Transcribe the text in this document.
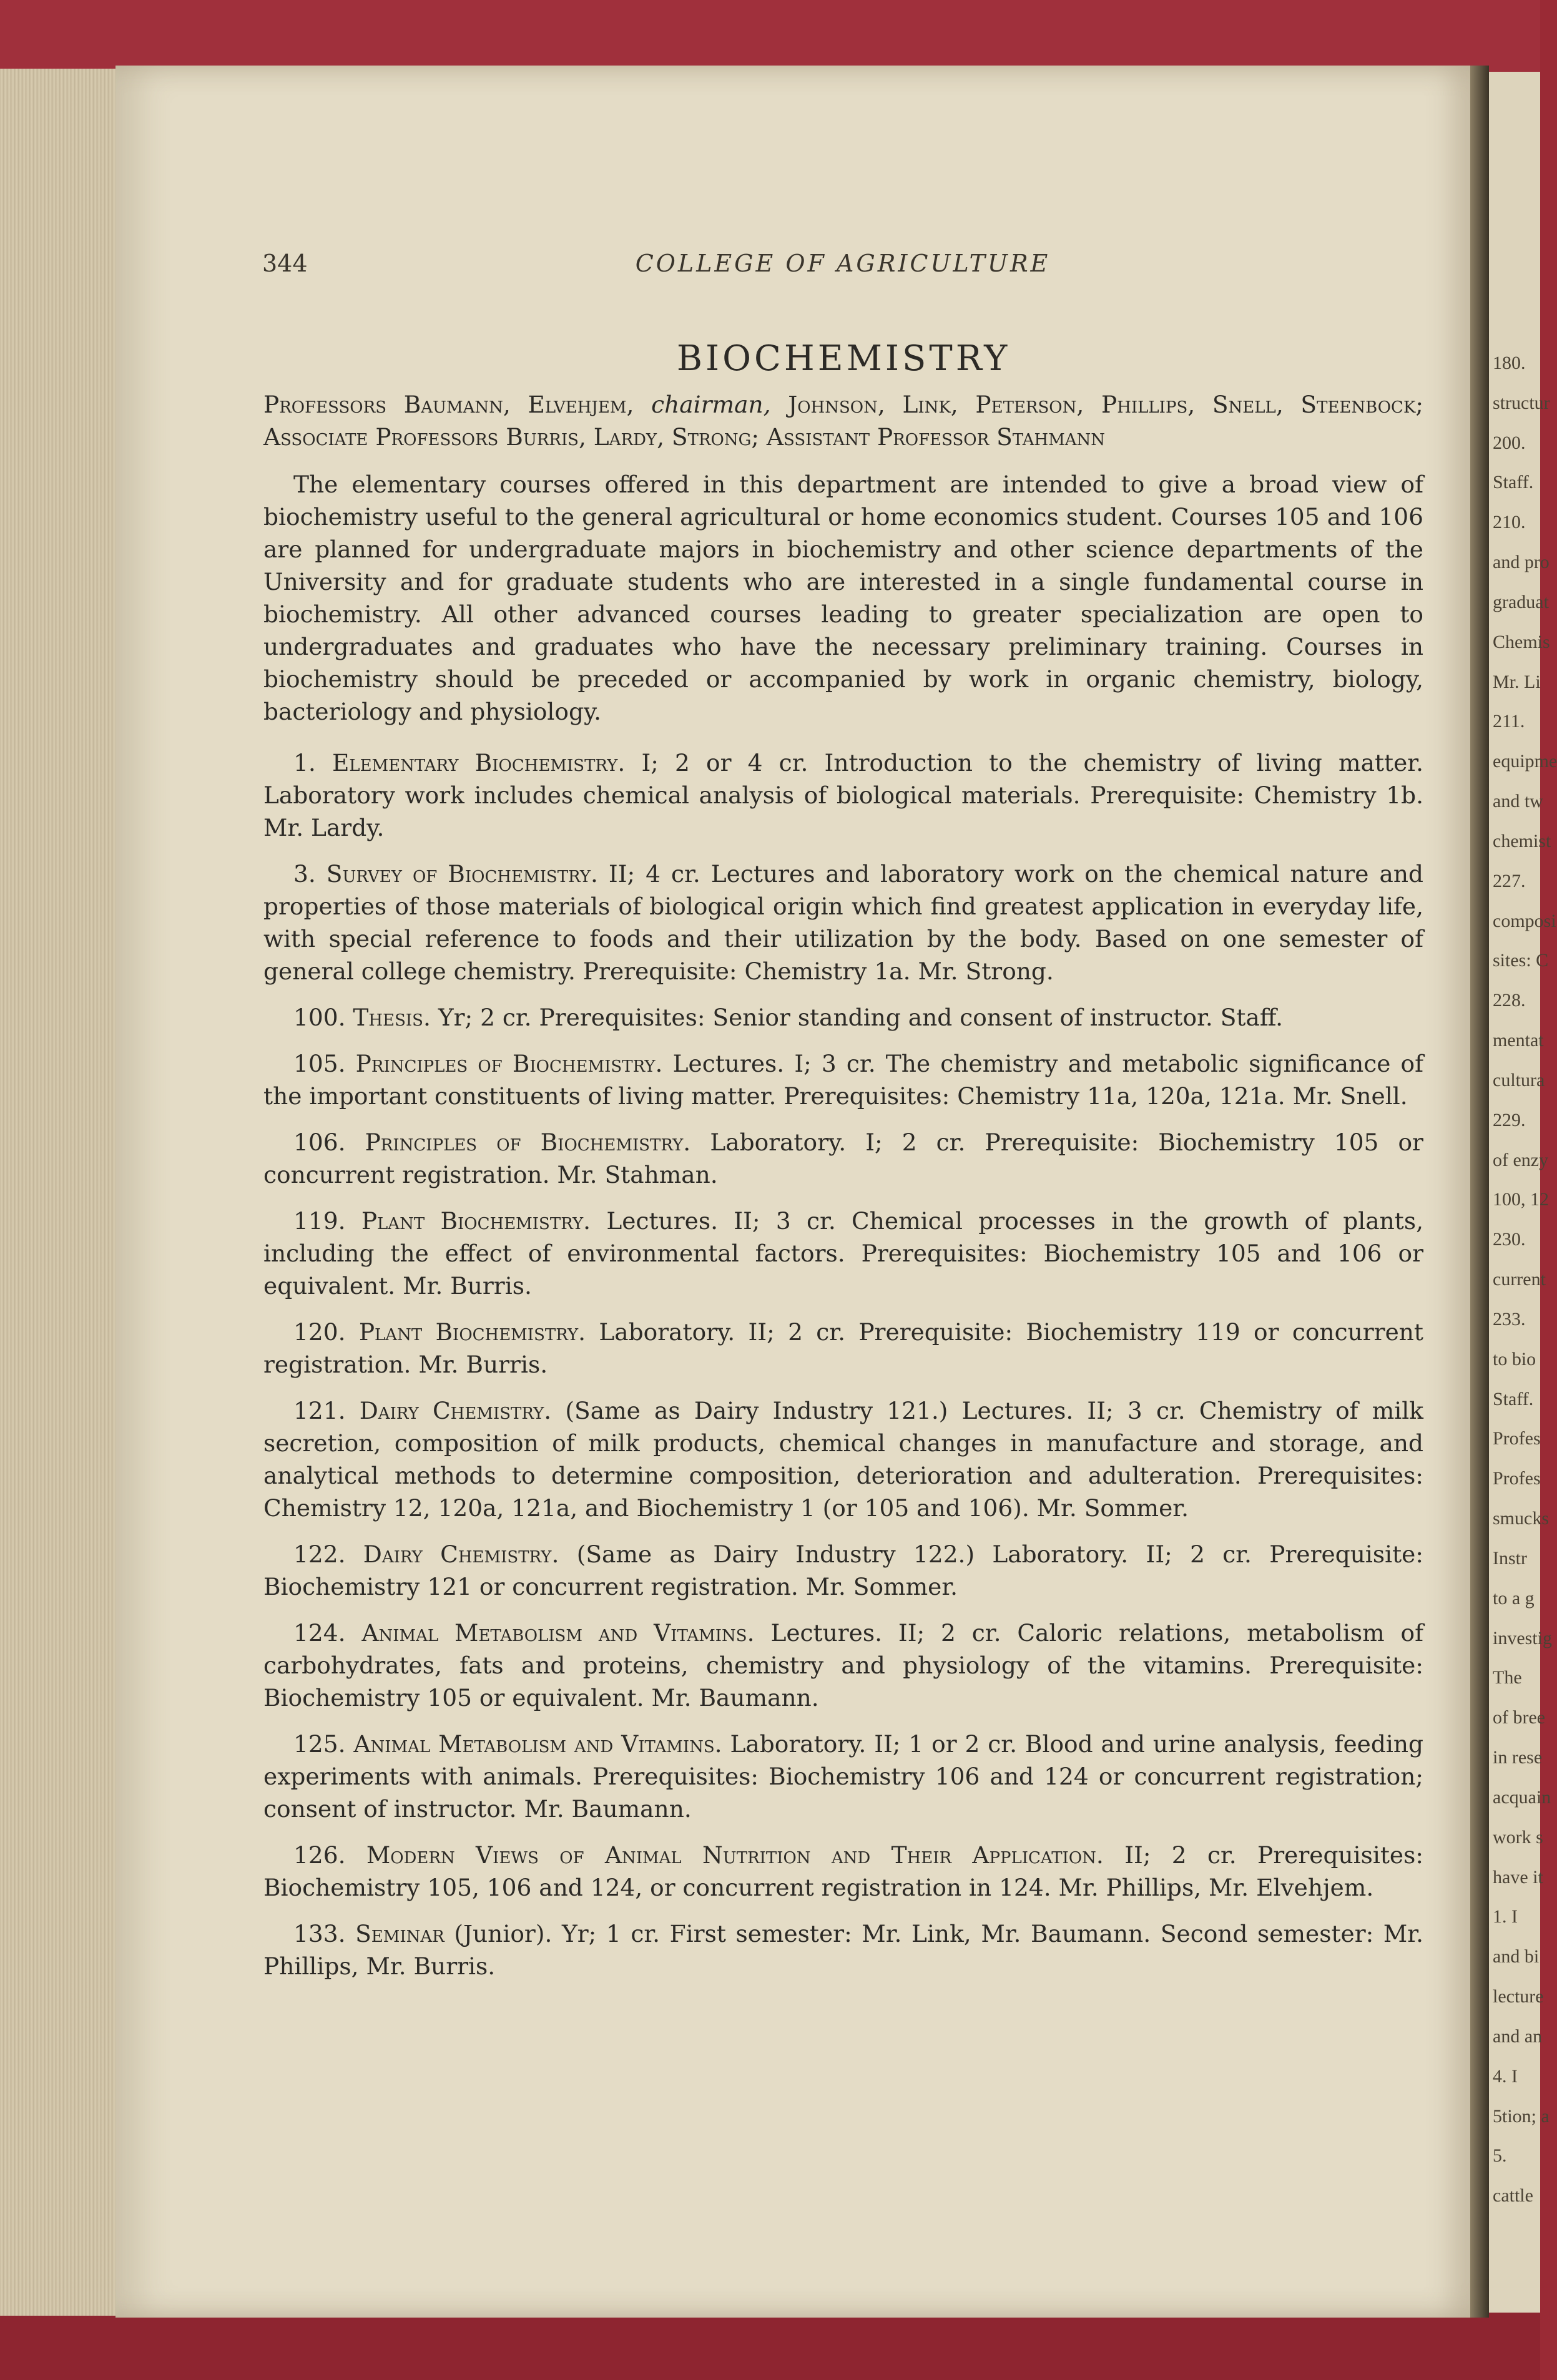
180.
structur
200.
Staff.
210.
and pro
graduat
Chemis
Mr. Li
211.
equipme
and tw
chemist
227.
composi
sites: C
228.
mentat
cultura
229.
of enzy
100, 12
230.
current
233.
to bio
Staff.
Profes
Profes
smucks
Instr
to a g
investig
The
of bree
in rese
acquain
work s
have it
1. I
and bi
lecture
and an
4. I
5tion; a
5.
cattle
344	COLLEGE OF AGRICULTURE
BIOCHEMISTRY

Professors Baumann, Elvehjem, chairman, Johnson, Link, Peterson, Phillips, Snell, Steenbock; Associate Professors Burris, Lardy, Strong; Assistant Professor Stahmann

The elementary courses offered in this department are intended to give a broad view of biochemistry useful to the general agricultural or home economics student. Courses 105 and 106 are planned for undergraduate majors in biochemistry and other science departments of the University and for graduate students who are interested in a single fundamental course in biochemistry. All other advanced courses leading to greater specialization are open to undergraduates and graduates who have the necessary preliminary training. Courses in biochemistry should be preceded or accompanied by work in organic chemistry, biology, bacteriology and physiology.

1. Elementary Biochemistry. I; 2 or 4 cr. Introduction to the chemistry of living matter. Laboratory work includes chemical analysis of biological materials. Prerequisite: Chemistry 1b. Mr. Lardy.

3. Survey of Biochemistry. II; 4 cr. Lectures and laboratory work on the chemical nature and properties of those materials of biological origin which find greatest application in everyday life, with special reference to foods and their utilization by the body. Based on one semester of general college chemistry. Prerequisite: Chemistry 1a. Mr. Strong.

100. Thesis. Yr; 2 cr. Prerequisites: Senior standing and consent of instructor. Staff.

105. Principles of Biochemistry. Lectures. I; 3 cr. The chemistry and metabolic significance of the important constituents of living matter. Prerequisites: Chemistry 11a, 120a, 121a. Mr. Snell.

106. Principles of Biochemistry. Laboratory. I; 2 cr. Prerequisite: Biochemistry 105 or concurrent registration. Mr. Stahman.

119. Plant Biochemistry. Lectures. II; 3 cr. Chemical processes in the growth of plants, including the effect of environmental factors. Prerequisites: Biochemistry 105 and 106 or equivalent. Mr. Burris.

120. Plant Biochemistry. Laboratory. II; 2 cr. Prerequisite: Biochemistry 119 or concurrent registration. Mr. Burris.

121. Dairy Chemistry. (Same as Dairy Industry 121.) Lectures. II; 3 cr. Chemistry of milk secretion, composition of milk products, chemical changes in manufacture and storage, and analytical methods to determine composition, deterioration and adulteration. Prerequisites: Chemistry 12, 120a, 121a, and Biochemistry 1 (or 105 and 106). Mr. Sommer.

122. Dairy Chemistry. (Same as Dairy Industry 122.) Laboratory. II; 2 cr. Prerequisite: Biochemistry 121 or concurrent registration. Mr. Sommer.

124. Animal Metabolism and Vitamins. Lectures. II; 2 cr. Caloric relations, metabolism of carbohydrates, fats and proteins, chemistry and physiology of the vitamins. Prerequisite: Biochemistry 105 or equivalent. Mr. Baumann.

125. Animal Metabolism and Vitamins. Laboratory. II; 1 or 2 cr. Blood and urine analysis, feeding experiments with animals. Prerequisites: Biochemistry 106 and 124 or concurrent registration; consent of instructor. Mr. Baumann.

126. Modern Views of Animal Nutrition and Their Application. II; 2 cr. Prerequisites: Biochemistry 105, 106 and 124, or concurrent registration in 124. Mr. Phillips, Mr. Elvehjem.

133. Seminar (Junior). Yr; 1 cr. First semester: Mr. Link, Mr. Baumann. Second semester: Mr. Phillips, Mr. Burris.
